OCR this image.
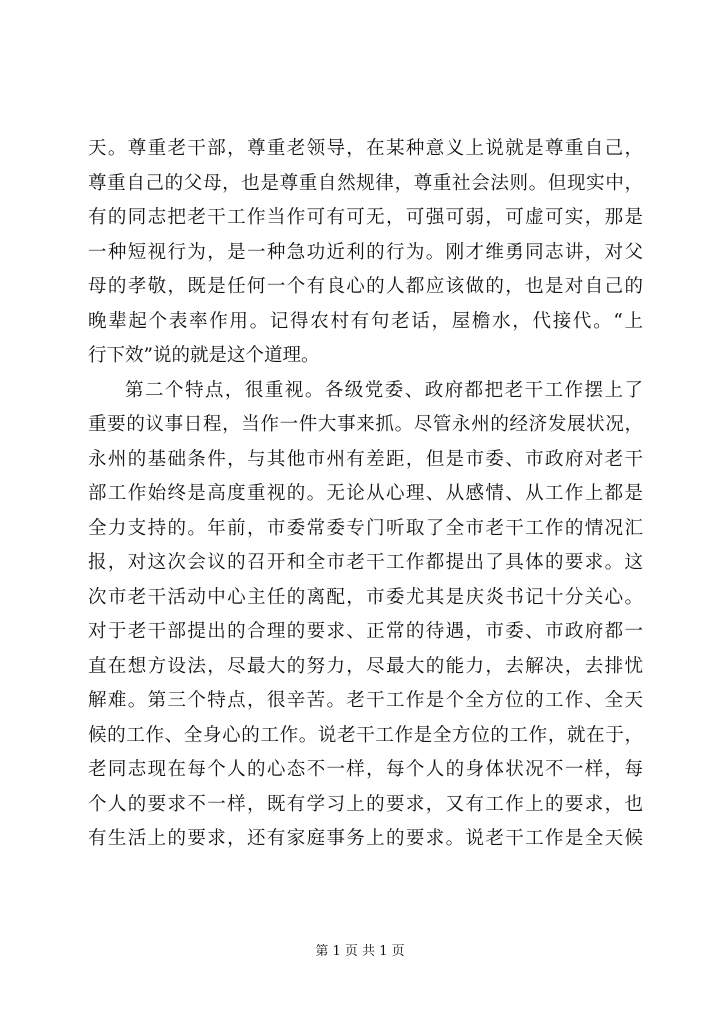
天。尊重老干部，尊重老领导，在某种意义上说就是尊重自己，
尊重自己的父母，也是尊重自然规律，尊重社会法则。但现实中，
有的同志把老干工作当作可有可无，可强可弱，可虚可实，那是
一种短视行为，是一种急功近利的行为。刚才维勇同志讲，对父
母的孝敬，既是任何一个有良心的人都应该做的，也是对自己的
晚辈起个表率作用。记得农村有句老话，屋檐水，代接代。“上
行下效”说的就是这个道理。
第二个特点，很重视。各级党委、政府都把老干工作摆上了
重要的议事日程，当作一件大事来抓。尽管永州的经济发展状况，
永州的基础条件，与其他市州有差距，但是市委、市政府对老干
部工作始终是高度重视的。无论从心理、从感情、从工作上都是
全力支持的。年前，市委常委专门听取了全市老干工作的情况汇
报，对这次会议的召开和全市老干工作都提出了具体的要求。这
次市老干活动中心主任的离配，市委尤其是庆炎书记十分关心。
对于老干部提出的合理的要求、正常的待遇，市委、市政府都一
直在想方设法，尽最大的努力，尽最大的能力，去解决，去排忧
解难。第三个特点，很辛苦。老干工作是个全方位的工作、全天
候的工作、全身心的工作。说老干工作是全方位的工作，就在于，
老同志现在每个人的心态不一样，每个人的身体状况不一样，每
个人的要求不一样，既有学习上的要求，又有工作上的要求，也
有生活上的要求，还有家庭事务上的要求。说老干工作是全天候
第 1 页 共 1 页
